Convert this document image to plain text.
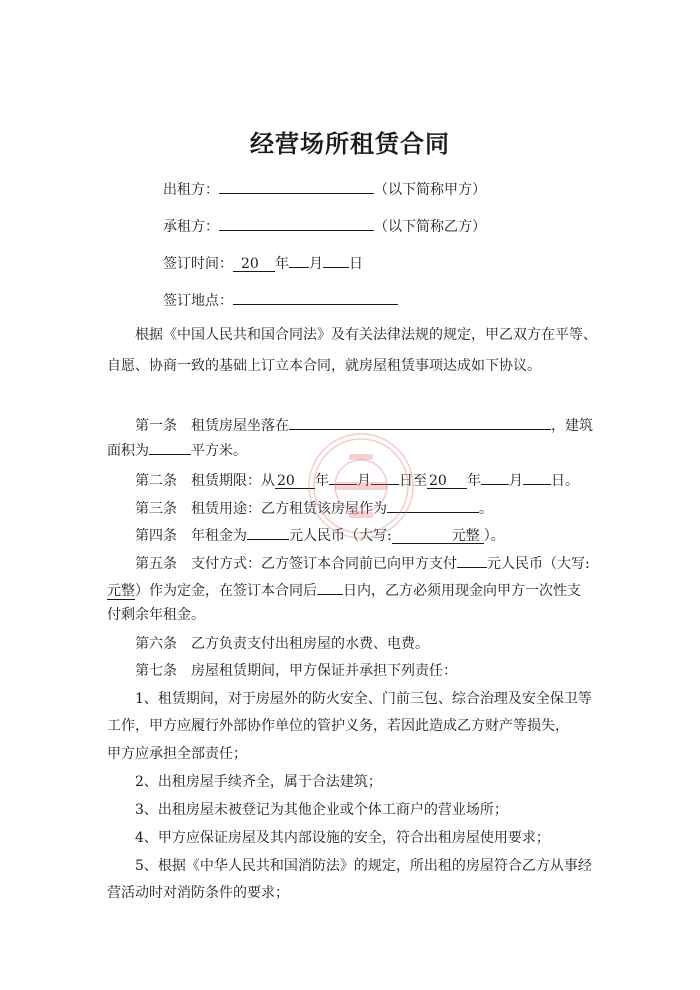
经营场所租赁合同
出租方：	（以下简称甲方）
承租方：	（以下简称乙方）
签订时间： 20 年 月 日
签订地点：
根据《中国人民共和国合同法》及有关法律法规的规定，甲乙双方在平等、
自愿、协商一致的基础上订立本合同，就房屋租赁事项达成如下协议。
第一条　租赁房屋坐落在	，建筑
面积为	平方米。
第二条　租赁期限：从 20 年 月 日至 20 年 月 日。
第三条　租赁用途：乙方租赁该房屋作为	。
第四条　年租金为	元人民币（大写:	元整 ）。
第五条　支付方式：乙方签订本合同前已向甲方支付 元人民币（大写:
元整）作为定金，在签订本合同后 日内，乙方必须用现金向甲方一次性支
付剩余年租金。
第六条　乙方负责支付出租房屋的水费、电费。
第七条　房屋租赁期间，甲方保证并承担下列责任：
1、租赁期间，对于房屋外的防火安全、门前三包、综合治理及安全保卫等
工作，甲方应履行外部协作单位的管护义务，若因此造成乙方财产等损失，
甲方应承担全部责任；
2、出租房屋手续齐全，属于合法建筑；
3、出租房屋未被登记为其他企业或个体工商户的营业场所；
4、甲方应保证房屋及其内部设施的安全，符合出租房屋使用要求；
5、根据《中华人民共和国消防法》的规定，所出租的房屋符合乙方从事经
营活动时对消防条件的要求；
